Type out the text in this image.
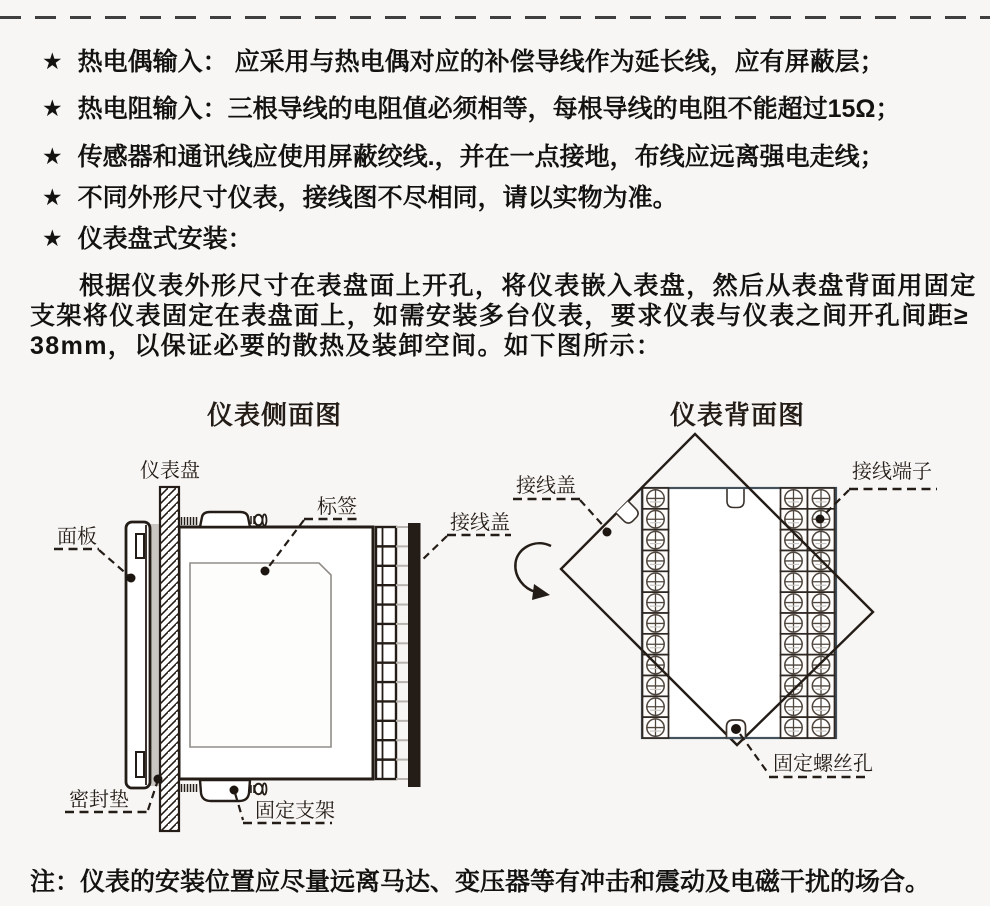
★ 热电偶输入： 应采用与热电偶对应的补偿导线作为延长线，应有屏蔽层；
★ 热电阻输入：三根导线的电阻值必须相等，每根导线的电阻不能超过15Ω；
★ 传感器和通讯线应使用屏蔽绞线.，并在一点接地，布线应远离强电走线；
★ 不同外形尺寸仪表，接线图不尽相同，请以实物为准。
★ 仪表盘式安装：
根据仪表外形尺寸在表盘面上开孔，将仪表嵌入表盘，然后从表盘背面用固定
支架将仪表固定在表盘面上，如需安装多台仪表，要求仪表与仪表之间开孔间距≥
38mm，以保证必要的散热及装卸空间。如下图所示：
仪表侧面图	仪表背面图
仪表盘
面板
标签
接线盖
密封垫	固定支架
接线盖
接线端子
固定螺丝孔
注：仪表的安装位置应尽量远离马达、变压器等有冲击和震动及电磁干扰的场合。
